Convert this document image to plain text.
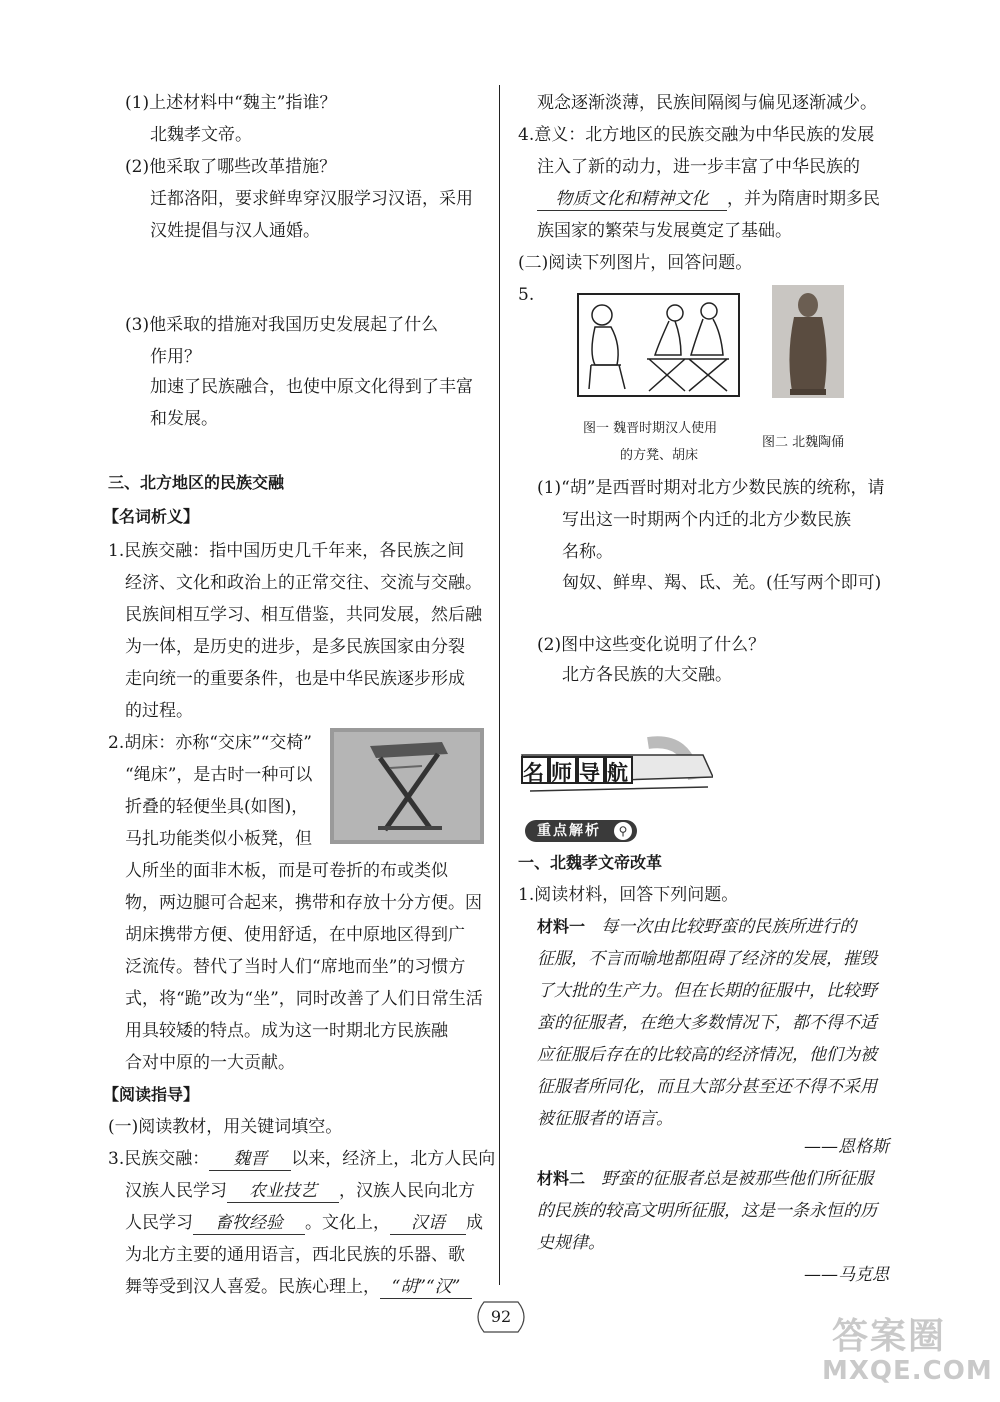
(1)上述材料中“魏主”指谁？
北魏孝文帝。
(2)他采取了哪些改革措施？
迁都洛阳，要求鲜卑穿汉服学习汉语，采用
汉姓提倡与汉人通婚。
(3)他采取的措施对我国历史发展起了什么
作用？
加速了民族融合，也使中原文化得到了丰富
和发展。
三、北方地区的民族交融
【名词析义】
1.民族交融：指中国历史几千年来，各民族之间
经济、文化和政治上的正常交往、交流与交融。
民族间相互学习、相互借鉴，共同发展，然后融
为一体，是历史的进步，是多民族国家由分裂
走向统一的重要条件，也是中华民族逐步形成
的过程。
2.胡床：亦称“交床”“交椅”
“绳床”，是古时一种可以
折叠的轻便坐具(如图)，
马扎功能类似小板凳，但
人所坐的面非木板，而是可卷折的布或类似
物，两边腿可合起来，携带和存放十分方便。因
胡床携带方便、使用舒适，在中原地区得到广
泛流传。替代了当时人们“席地而坐”的习惯方
式，将“跪”改为“坐”，同时改善了人们日常生活
用具较矮的特点。成为这一时期北方民族融
合对中原的一大贡献。
【阅读指导】
(一)阅读教材，用关键词填空。
3.民族交融： 魏晋 以来，经济上，北方人民向
汉族人民学习 农业技艺 ，汉族人民向北方
人民学习 畜牧经验 。文化上， 汉语 成
为北方主要的通用语言，西北民族的乐器、歌
舞等受到汉人喜爱。民族心理上， “胡”“汉”
观念逐渐淡薄，民族间隔阂与偏见逐渐减少。
4.意义：北方地区的民族交融为中华民族的发展
注入了新的动力，进一步丰富了中华民族的
物质文化和精神文化 ，并为隋唐时期多民
族国家的繁荣与发展奠定了基础。
(二)阅读下列图片，回答问题。
5.
图一 魏晋时期汉人使用
的方凳、胡床
图二 北魏陶俑
(1)“胡”是西晋时期对北方少数民族的统称，请
写出这一时期两个内迁的北方少数民族
名称。
匈奴、鲜卑、羯、氐、羌。(任写两个即可)
(2)图中这些变化说明了什么？
北方各民族的大交融。
名师导航
重点解析	⚲
一、北魏孝文帝改革
1.阅读材料，回答下列问题。
材料一 每一次由比较野蛮的民族所进行的
征服，不言而喻地都阻碍了经济的发展，摧毁
了大批的生产力。但在长期的征服中，比较野
蛮的征服者，在绝大多数情况下，都不得不适
应征服后存在的比较高的经济情况，他们为被
征服者所同化，而且大部分甚至还不得不采用
被征服者的语言。
——恩格斯
材料二 野蛮的征服者总是被那些他们所征服
的民族的较高文明所征服，这是一条永恒的历
史规律。
——马克思
92	答案圈
MXQE.COM
